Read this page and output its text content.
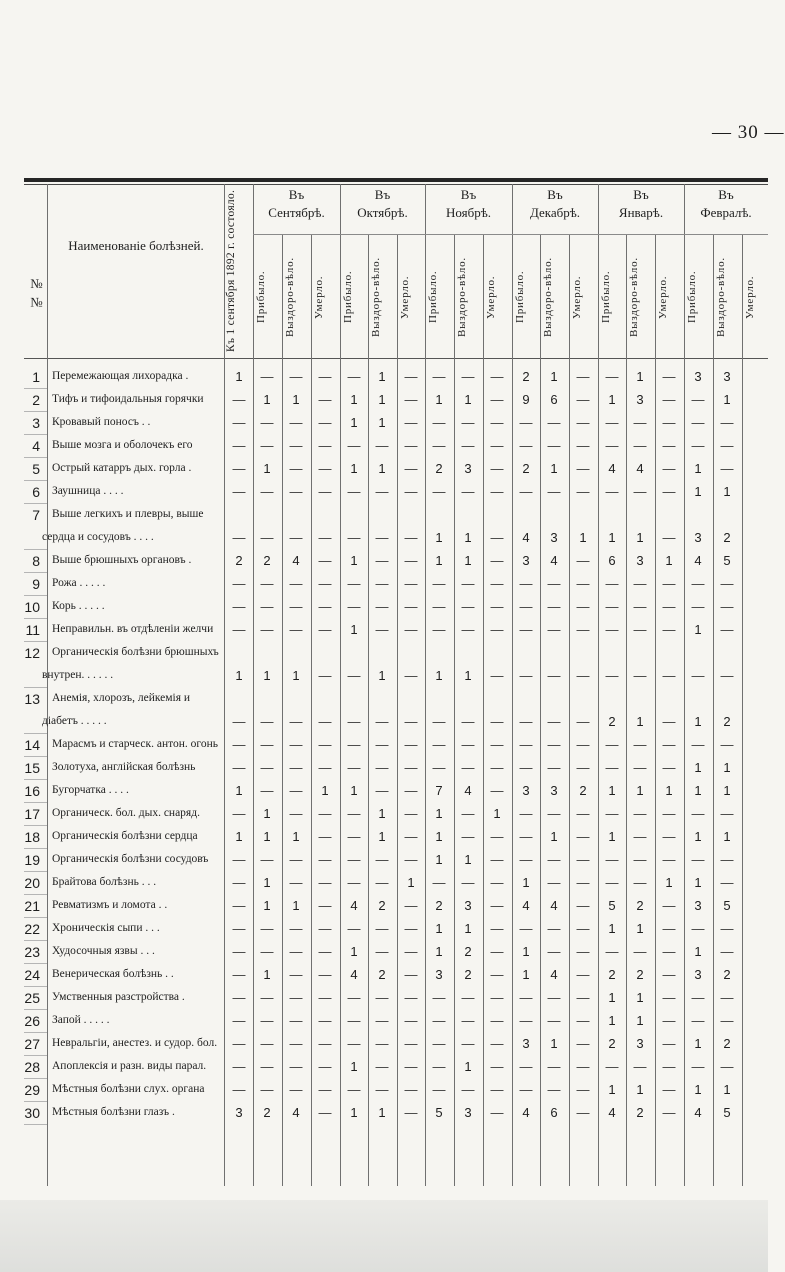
— 30 —
№ №
Наименованіе болѣзней.	Къ 1 сентября 1892 г. состояло.	Въ
Сентябрѣ.
Прибыло.	Выздоро-вѣло.	Умерло.
Въ
Октябрѣ.
Прибыло.	Выздоро-вѣло.	Умерло.
Въ
Ноябрѣ.
Прибыло.	Выздоро-вѣло.	Умерло.
Въ
Декабрѣ.
Прибыло.	Выздоро-вѣло.	Умерло.
Въ
Январѣ.
Прибыло.	Выздоро-вѣло.	Умерло.
Въ
Февралѣ.
Прибыло.	Выздоро-вѣло.	Умерло.
1 Перемежающая лихорадка .	1	—	—	—	—	1	—	—	—	—	2	1	—	—	1	—	3	3
2 Тифъ и тифоидальныя горячки	—	1	1	—	1	1	—	1	1	—	9	6	—	1	3	—	—	1
3 Кровавый поносъ . .	—	—	—	—	1	1	—	—	—	—	—	—	—	—	—	—	—	—
4 Выше мозга и оболочекъ его	—	—	—	—	—	—	—	—	—	—	—	—	—	—	—	—	—	—
5 Острый катарръ дых. горла .	—	1	—	—	1	1	—	2	3	—	2	1	—	4	4	—	1	—
6 Заушница . . . .	—	—	—	—	—	—	—	—	—	—	—	—	—	—	—	—	1	1
7 Выше легкихъ и плевры, выше
сердца и сосудовъ . . . .	—	—	—	—	—	—	—	1	1	—	4	3	1	1	1	—	3	2
8 Выше брюшныхъ органовъ .	2	2	4	—	1	—	—	1	1	—	3	4	—	6	3	1	4	5
9 Рожа . . . . .	—	—	—	—	—	—	—	—	—	—	—	—	—	—	—	—	—	—
10 Корь . . . . .	—	—	—	—	—	—	—	—	—	—	—	—	—	—	—	—	—	—
11 Неправильн. въ отдѣленіи желчи	—	—	—	—	1	—	—	—	—	—	—	—	—	—	—	—	1	—
12 Органическія болѣзни брюшныхъ
внутрен. . . . . .	1	1	1	—	—	1	—	1	1	—	—	—	—	—	—	—	—	—
13 Анемія, хлорозъ, лейкемія и
діабетъ . . . . .	—	—	—	—	—	—	—	—	—	—	—	—	—	2	1	—	1	2
14 Марасмъ и старческ. антон. огонь	—	—	—	—	—	—	—	—	—	—	—	—	—	—	—	—	—	—
15 Золотуха, англійская болѣзнь	—	—	—	—	—	—	—	—	—	—	—	—	—	—	—	—	1	1
16 Бугорчатка . . . .	1	—	—	1	1	—	—	7	4	—	3	3	2	1	1	1	1	1
17 Органическ. бол. дых. снаряд.	—	1	—	—	—	1	—	1	—	1	—	—	—	—	—	—	—	—
18 Органическія болѣзни сердца	1	1	1	—	—	1	—	1	—	—	—	1	—	1	—	—	1	1
19 Органическія болѣзни сосудовъ	—	—	—	—	—	—	—	1	1	—	—	—	—	—	—	—	—	—
20 Брайтова болѣзнь . . .	—	1	—	—	—	—	1	—	—	—	1	—	—	—	—	1	1	—
21 Ревматизмъ и ломота . .	—	1	1	—	4	2	—	2	3	—	4	4	—	5	2	—	3	5
22 Хроническія сыпи . . .	—	—	—	—	—	—	—	1	1	—	—	—	—	1	1	—	—	—
23 Худосочныя язвы . . .	—	—	—	—	1	—	—	1	2	—	1	—	—	—	—	—	1	—
24 Венерическая болѣзнь . .	—	1	—	—	4	2	—	3	2	—	1	4	—	2	2	—	3	2
25 Умственныя разстройства .	—	—	—	—	—	—	—	—	—	—	—	—	—	1	1	—	—	—
26 Запой . . . . .	—	—	—	—	—	—	—	—	—	—	—	—	—	1	1	—	—	—
27 Невральгіи, анестез. и судор. бол.	—	—	—	—	—	—	—	—	—	—	3	1	—	2	3	—	1	2
28 Апоплексія и разн. виды парал.	—	—	—	—	1	—	—	—	1	—	—	—	—	—	—	—	—	—
29 Мѣстныя болѣзни слух. органа	—	—	—	—	—	—	—	—	—	—	—	—	—	1	1	—	1	1
30 Мѣстныя болѣзни глазъ .	3	2	4	—	1	1	—	5	3	—	4	6	—	4	2	—	4	5
